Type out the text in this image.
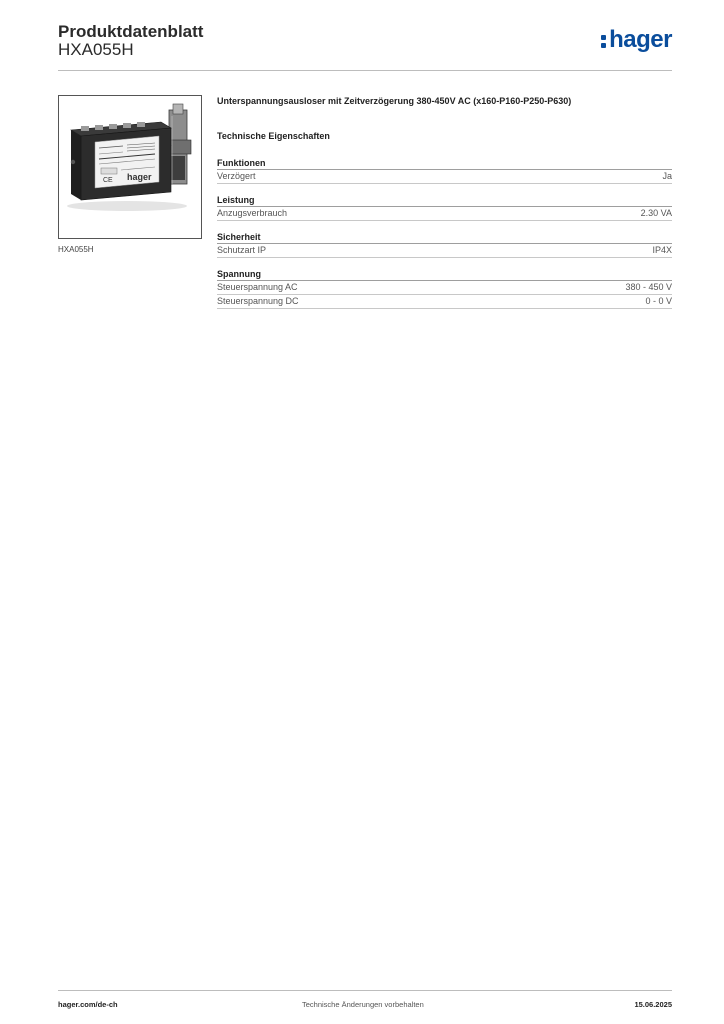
Produktdatenblatt
HXA055H	hager
CE hager
HXA055H
Unterspannungsausloser mit Zeitverzögerung 380-450V AC (x160-P160-P250-P630)
Technische Eigenschaften
Funktionen
Verzögert	Ja
Leistung
Anzugsverbrauch	2.30 VA
Sicherheit
Schutzart IP	IP4X
Spannung
Steuerspannung AC	380 - 450 V
Steuerspannung DC	0 - 0 V
hager.com/de-ch	Technische Änderungen vorbehalten	15.06.2025
